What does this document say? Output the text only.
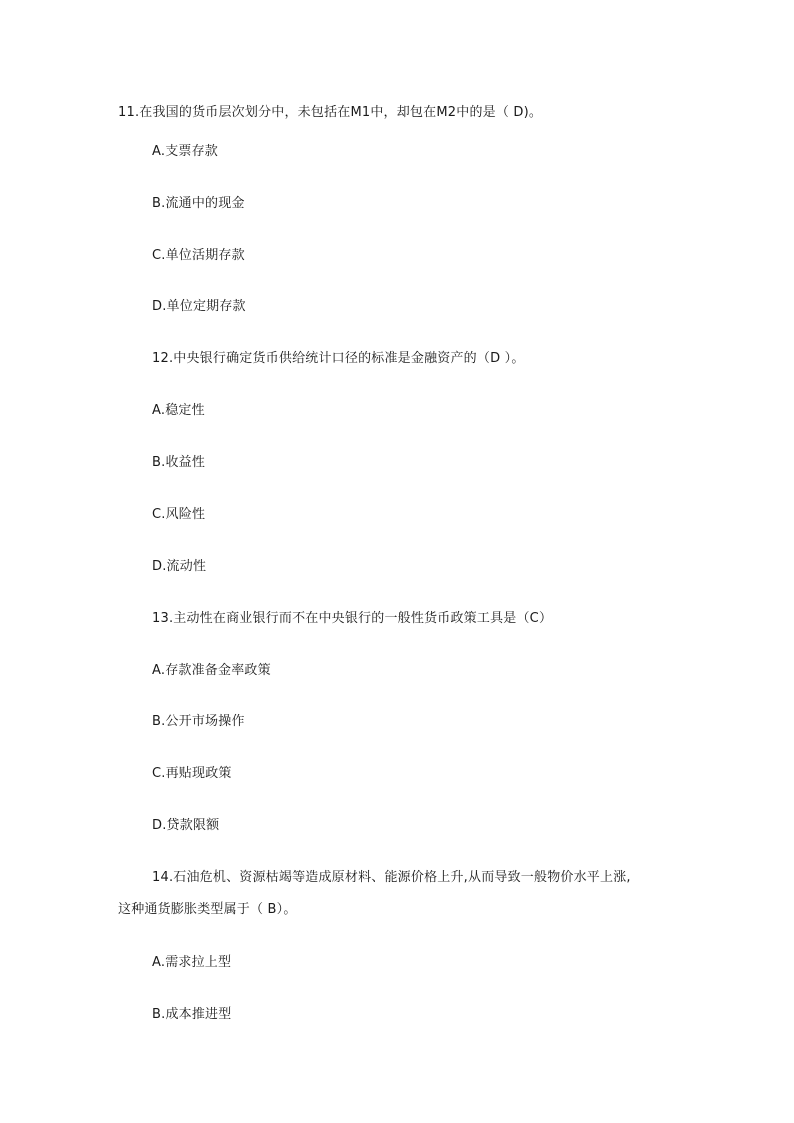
11.在我国的货币层次划分中，未包括在M1中，却包在M2中的是（ D)。
A.支票存款
B.流通中的现金
C.单位活期存款
D.单位定期存款
12.中央银行确定货币供给统计口径的标准是金融资产的（D ）。
A.稳定性
B.收益性
C.风险性
D.流动性
13.主动性在商业银行而不在中央银行的一般性货币政策工具是（C）
A.存款准备金率政策
B.公开市场操作
C.再贴现政策
D.贷款限额
14.石油危机、资源枯竭等造成原材料、能源价格上升,从而导致一般物价水平上涨,
这种通货膨胀类型属于（ B）。
A.需求拉上型
B.成本推进型
